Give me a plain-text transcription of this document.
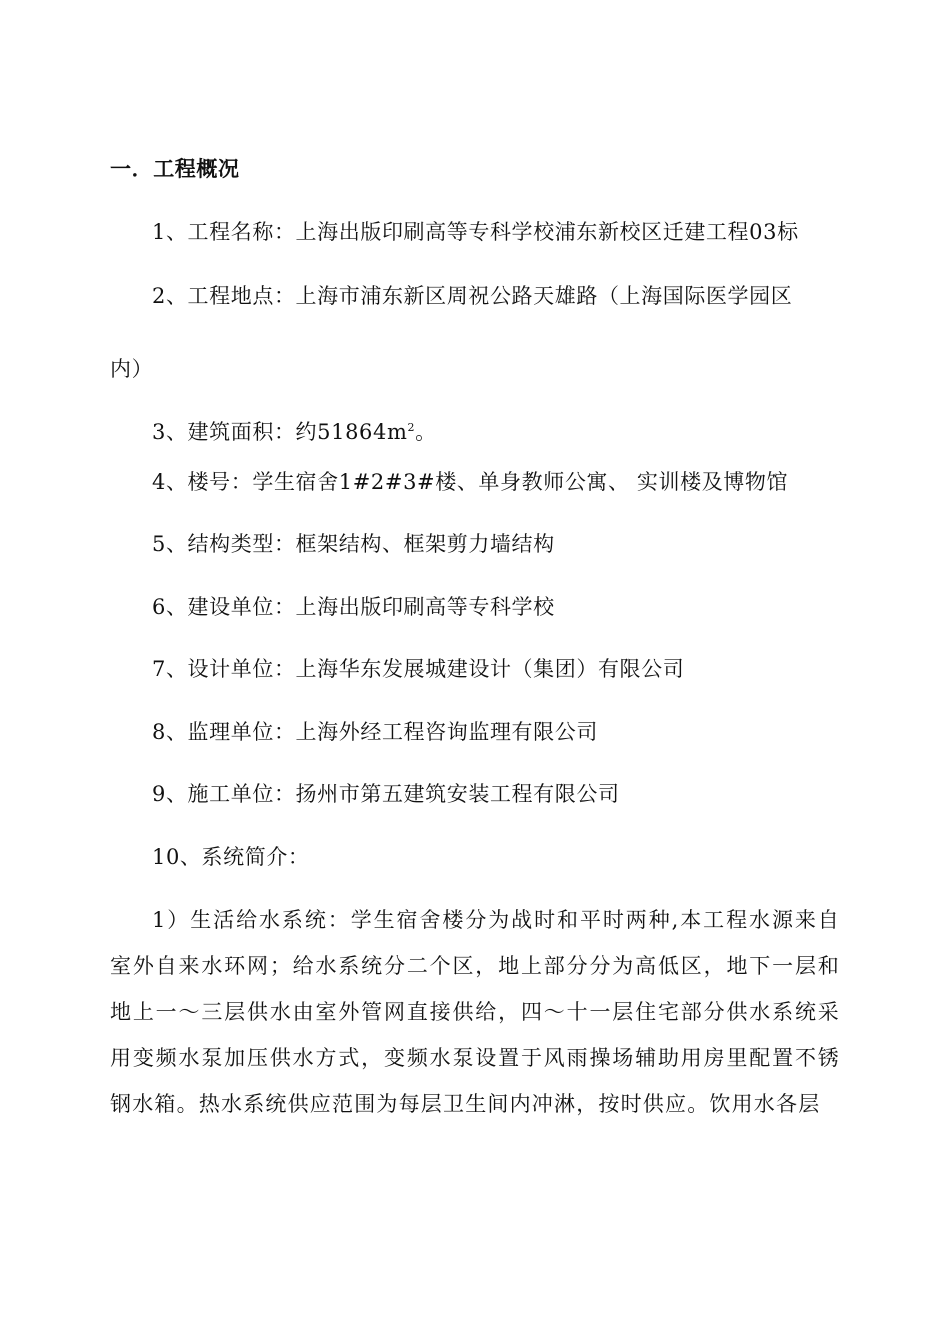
一．工程概况
1、工程名称：上海出版印刷高等专科学校浦东新校区迁建工程03标
2、工程地点：上海市浦东新区周祝公路天雄路（上海国际医学园区
内）
3、建筑面积：约$51864m^2$。
4、楼号：学生宿舍1#2#3#楼、单身教师公寓、 实训楼及博物馆
5、结构类型：框架结构、框架剪力墙结构
6、建设单位：上海出版印刷高等专科学校
7、设计单位：上海华东发展城建设计（集团）有限公司
8、监理单位：上海外经工程咨询监理有限公司
9、施工单位：扬州市第五建筑安装工程有限公司
10、系统简介：
1）生活给水系统：学生宿舍楼分为战时和平时两种,本工程水源来自室外自来水环网；给水系统分二个区，地上部分分为高低区，地下一层和地上一～三层供水由室外管网直接供给，四～十一层住宅部分供水系统采用变频水泵加压供水方式，变频水泵设置于风雨操场辅助用房里配置不锈钢水箱。热水系统供应范围为每层卫生间内冲淋，按时供应。饮用水各层
